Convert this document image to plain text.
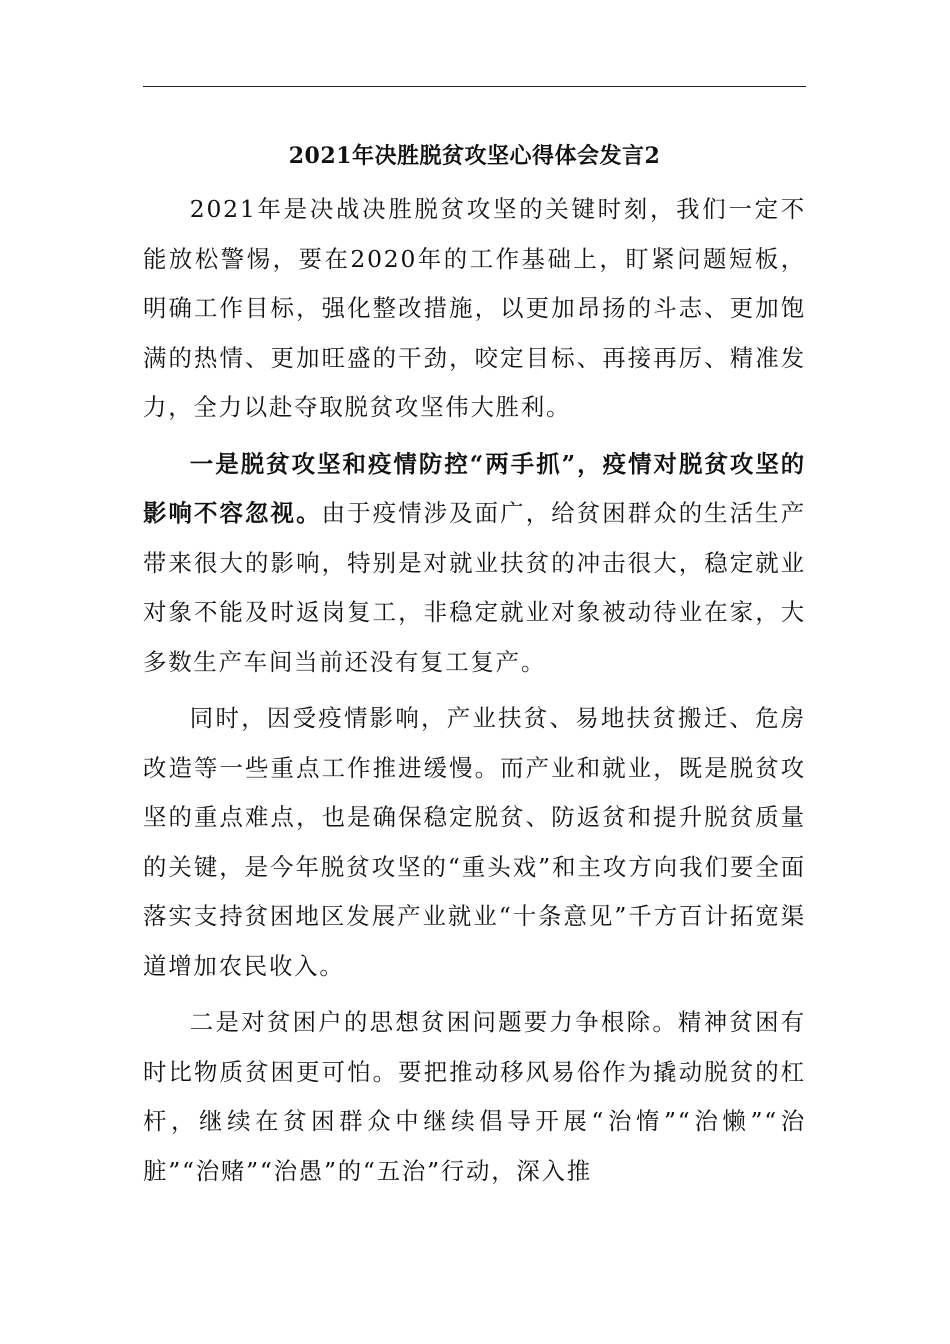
2021年决胜脱贫攻坚心得体会发言2

2021年是决战决胜脱贫攻坚的关键时刻，我们一定不能放松警惕，要在2020年的工作基础上，盯紧问题短板，明确工作目标，强化整改措施，以更加昂扬的斗志、更加饱满的热情、更加旺盛的干劲，咬定目标、再接再厉、精准发力，全力以赴夺取脱贫攻坚伟大胜利。

一是脱贫攻坚和疫情防控“两手抓”，疫情对脱贫攻坚的影响不容忽视。由于疫情涉及面广，给贫困群众的生活生产带来很大的影响，特别是对就业扶贫的冲击很大，稳定就业对象不能及时返岗复工，非稳定就业对象被动待业在家，大多数生产车间当前还没有复工复产。

同时，因受疫情影响，产业扶贫、易地扶贫搬迁、危房改造等一些重点工作推进缓慢。而产业和就业，既是脱贫攻坚的重点难点，也是确保稳定脱贫、防返贫和提升脱贫质量的关键，是今年脱贫攻坚的“重头戏”和主攻方向我们要全面落实支持贫困地区发展产业就业“十条意见”千方百计拓宽渠道增加农民收入。

二是对贫困户的思想贫困问题要力争根除。精神贫困有时比物质贫困更可怕。要把推动移风易俗作为撬动脱贫的杠杆，继续在贫困群众中继续倡导开展“治惰”“治懒”“治脏”“治赌”“治愚”的“五治”行动，深入推
